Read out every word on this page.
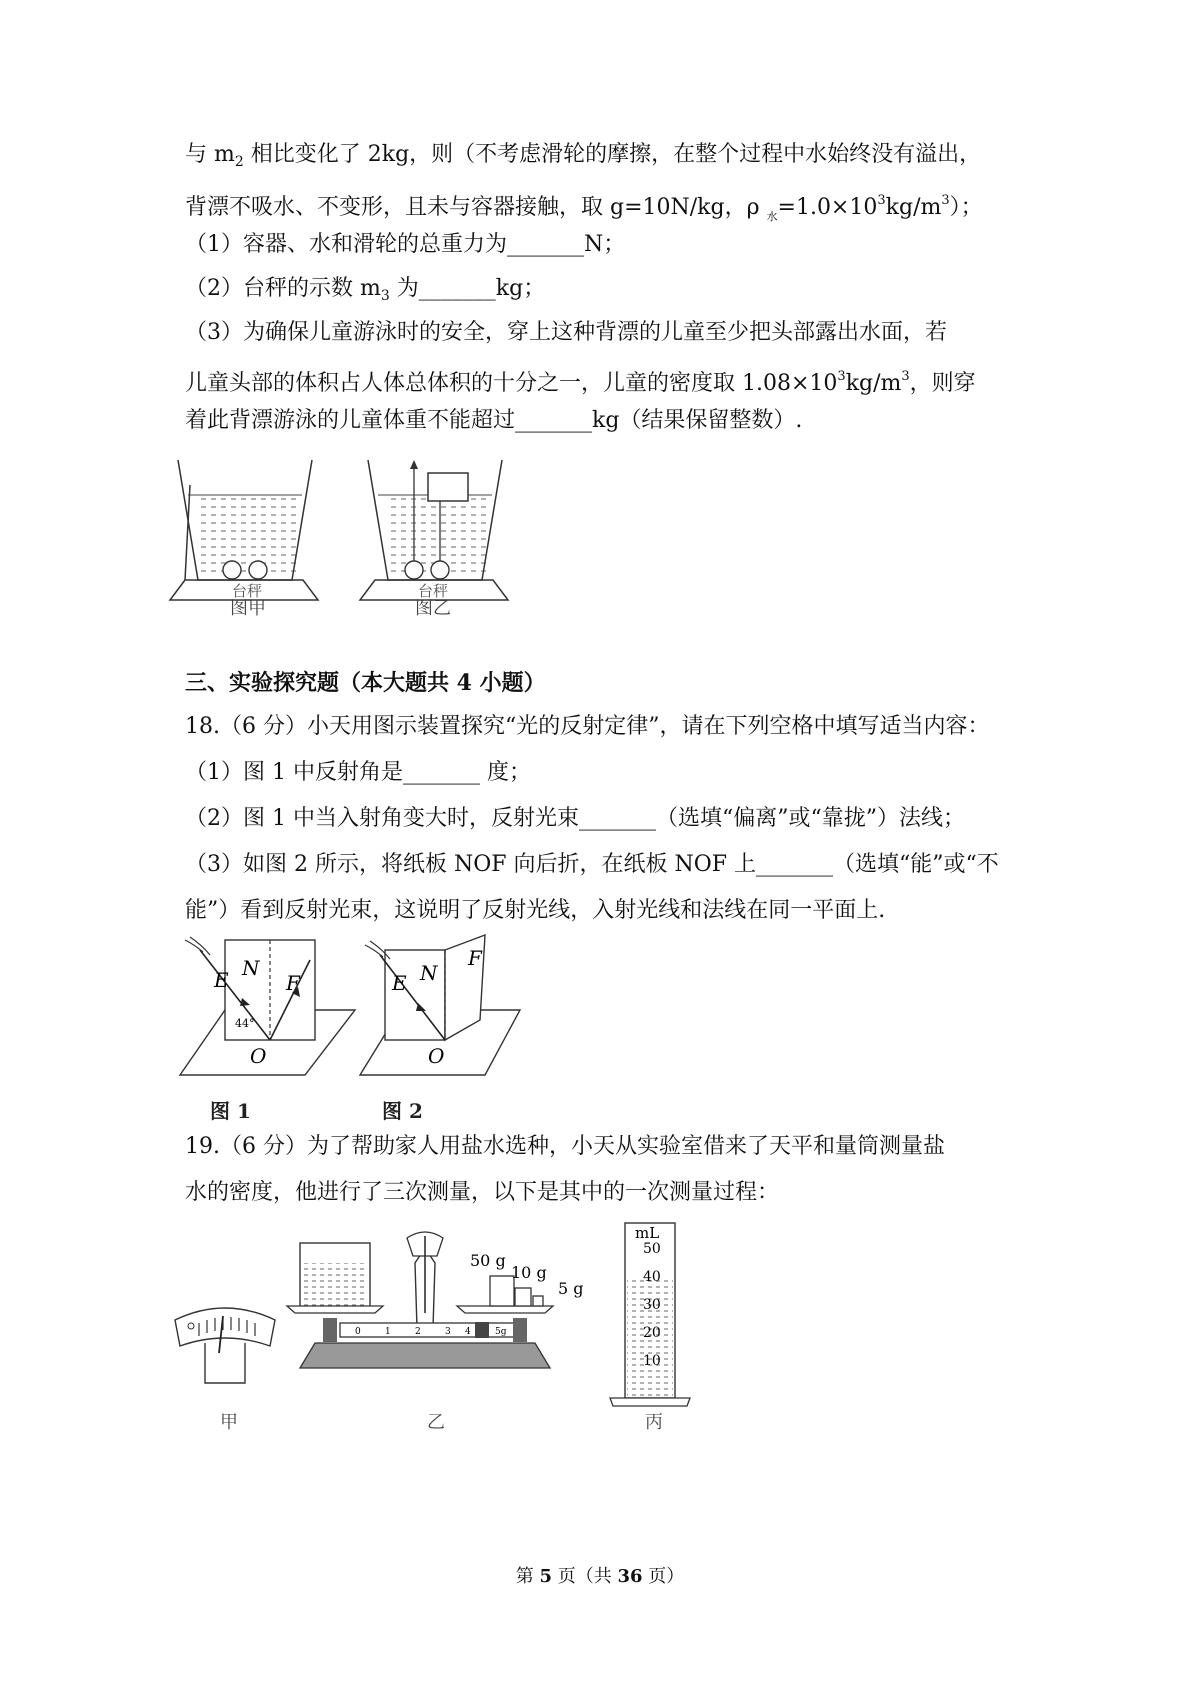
与 $m_2$ 相比变化了 2kg，则（不考虑滑轮的摩擦，在整个过程中水始终没有溢出，
背漂不吸水、不变形，且未与容器接触，取 g=10N/kg，ρ $_水=1.0\times 10^3kg/m^3$）；
（1）容器、水和滑轮的总重力为_______N；
（2）台秤的示数 $m_3$ 为_______kg；
（3）为确保儿童游泳时的安全，穿上这种背漂的儿童至少把头部露出水面，若
儿童头部的体积占人体总体积的十分之一，儿童的密度取 $1.08\times 10^3kg/m^3$，则穿
着此背漂游泳的儿童体重不能超过_______kg（结果保留整数）.
台秤	台秤
图甲	图乙
三、实验探究题（本大题共 4 小题）
18.（6 分）小天用图示装置探究“光的反射定律”，请在下列空格中填写适当内容：
（1）图 1 中反射角是_______ 度；
（2）图 1 中当入射角变大时，反射光束_______（选填“偏离”或“靠拢”）法线；
（3）如图 2 所示，将纸板 NOF 向后折，在纸板 NOF 上_______（选填“能”或“不
能”）看到反射光束，这说明了反射光线，入射光线和法线在同一平面上.
E N
F
O
44°
E N
F
O
图 1	图 2
19.（6 分）为了帮助家人用盐水选种，小天从实验室借来了天平和量筒测量盐
水的密度，他进行了三次测量，以下是其中的一次测量过程：
0	1	2	3 4	5g
50 g
10 g
5 g
mL
50
40
30
20
10
甲	乙	丙
第 5 页（共 36 页）
